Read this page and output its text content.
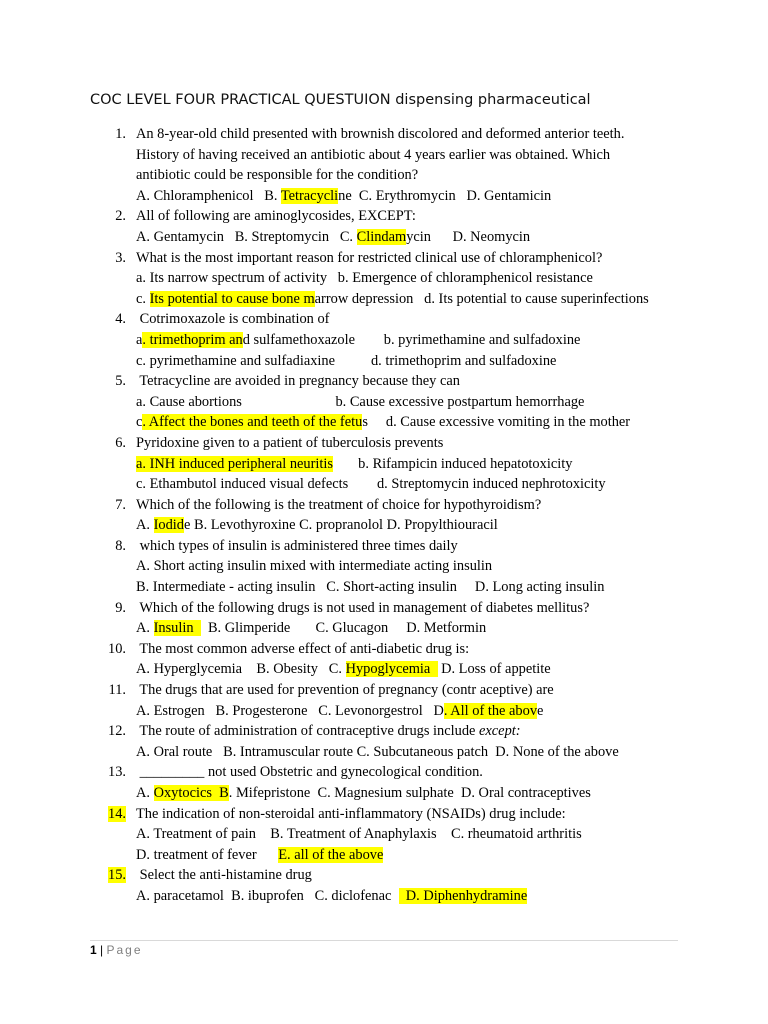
COC LEVEL FOUR PRACTICAL QUESTUION dispensing pharmaceutical
1. An 8-year-old child presented with brownish discolored and deformed anterior teeth.
History of having received an antibiotic about 4 years earlier was obtained. Which
antibiotic could be responsible for the condition?
A. Chloramphenicol   B. Tetracycline  C. Erythromycin   D. Gentamicin
2. All of following are aminoglycosides, EXCEPT:
A. Gentamycin   B. Streptomycin   C. Clindamycin      D. Neomycin
3. What is the most important reason for restricted clinical use of chloramphenicol?
a. Its narrow spectrum of activity   b. Emergence of chloramphenicol resistance
c. Its potential to cause bone marrow depression   d. Its potential to cause superinfections
4. Cotrimoxazole is combination of
a. trimethoprim and sulfamethoxazole        b. pyrimethamine and sulfadoxine
c. pyrimethamine and sulfadiaxine          d. trimethoprim and sulfadoxine
5. Tetracycline are avoided in pregnancy because they can
a. Cause abortions                          b. Cause excessive postpartum hemorrhage
c. Affect the bones and teeth of the fetus     d. Cause excessive vomiting in the mother
6. Pyridoxine given to a patient of tuberculosis prevents
a. INH induced peripheral neuritis       b. Rifampicin induced hepatotoxicity
c. Ethambutol induced visual defects        d. Streptomycin induced nephrotoxicity
7. Which of the following is the treatment of choice for hypothyroidism?
A. Iodide B. Levothyroxine C. propranolol D. Propylthiouracil
8. which types of insulin is administered three times daily
A. Short acting insulin mixed with intermediate acting insulin
B. Intermediate - acting insulin   C. Short-acting insulin     D. Long acting insulin
9. Which of the following drugs is not used in management of diabetes mellitus?
A. Insulin    B. Glimperide       C. Glucagon     D. Metformin
10. The most common adverse effect of anti-diabetic drug is:
A. Hyperglycemia    B. Obesity   C. Hypoglycemia   D. Loss of appetite
11. The drugs that are used for prevention of pregnancy (contr aceptive) are
A. Estrogen   B. Progesterone   C. Levonorgestrol   D. All of the above
12. The route of administration of contraceptive drugs include except:
A. Oral route   B. Intramuscular route C. Subcutaneous patch  D. None of the above
13. _________ not used Obstetric and gynecological condition.
A. Oxytocics  B. Mifepristone  C. Magnesium sulphate  D. Oral contraceptives
14. The indication of non-steroidal anti-inflammatory (NSAIDs) drug include:
A. Treatment of pain    B. Treatment of Anaphylaxis    C. rheumatoid arthritis
D. treatment of fever      E. all of the above
15. Select the anti-histamine drug
A. paracetamol  B. ibuprofen   C. diclofenac    D. Diphenhydramine
1 | Page
